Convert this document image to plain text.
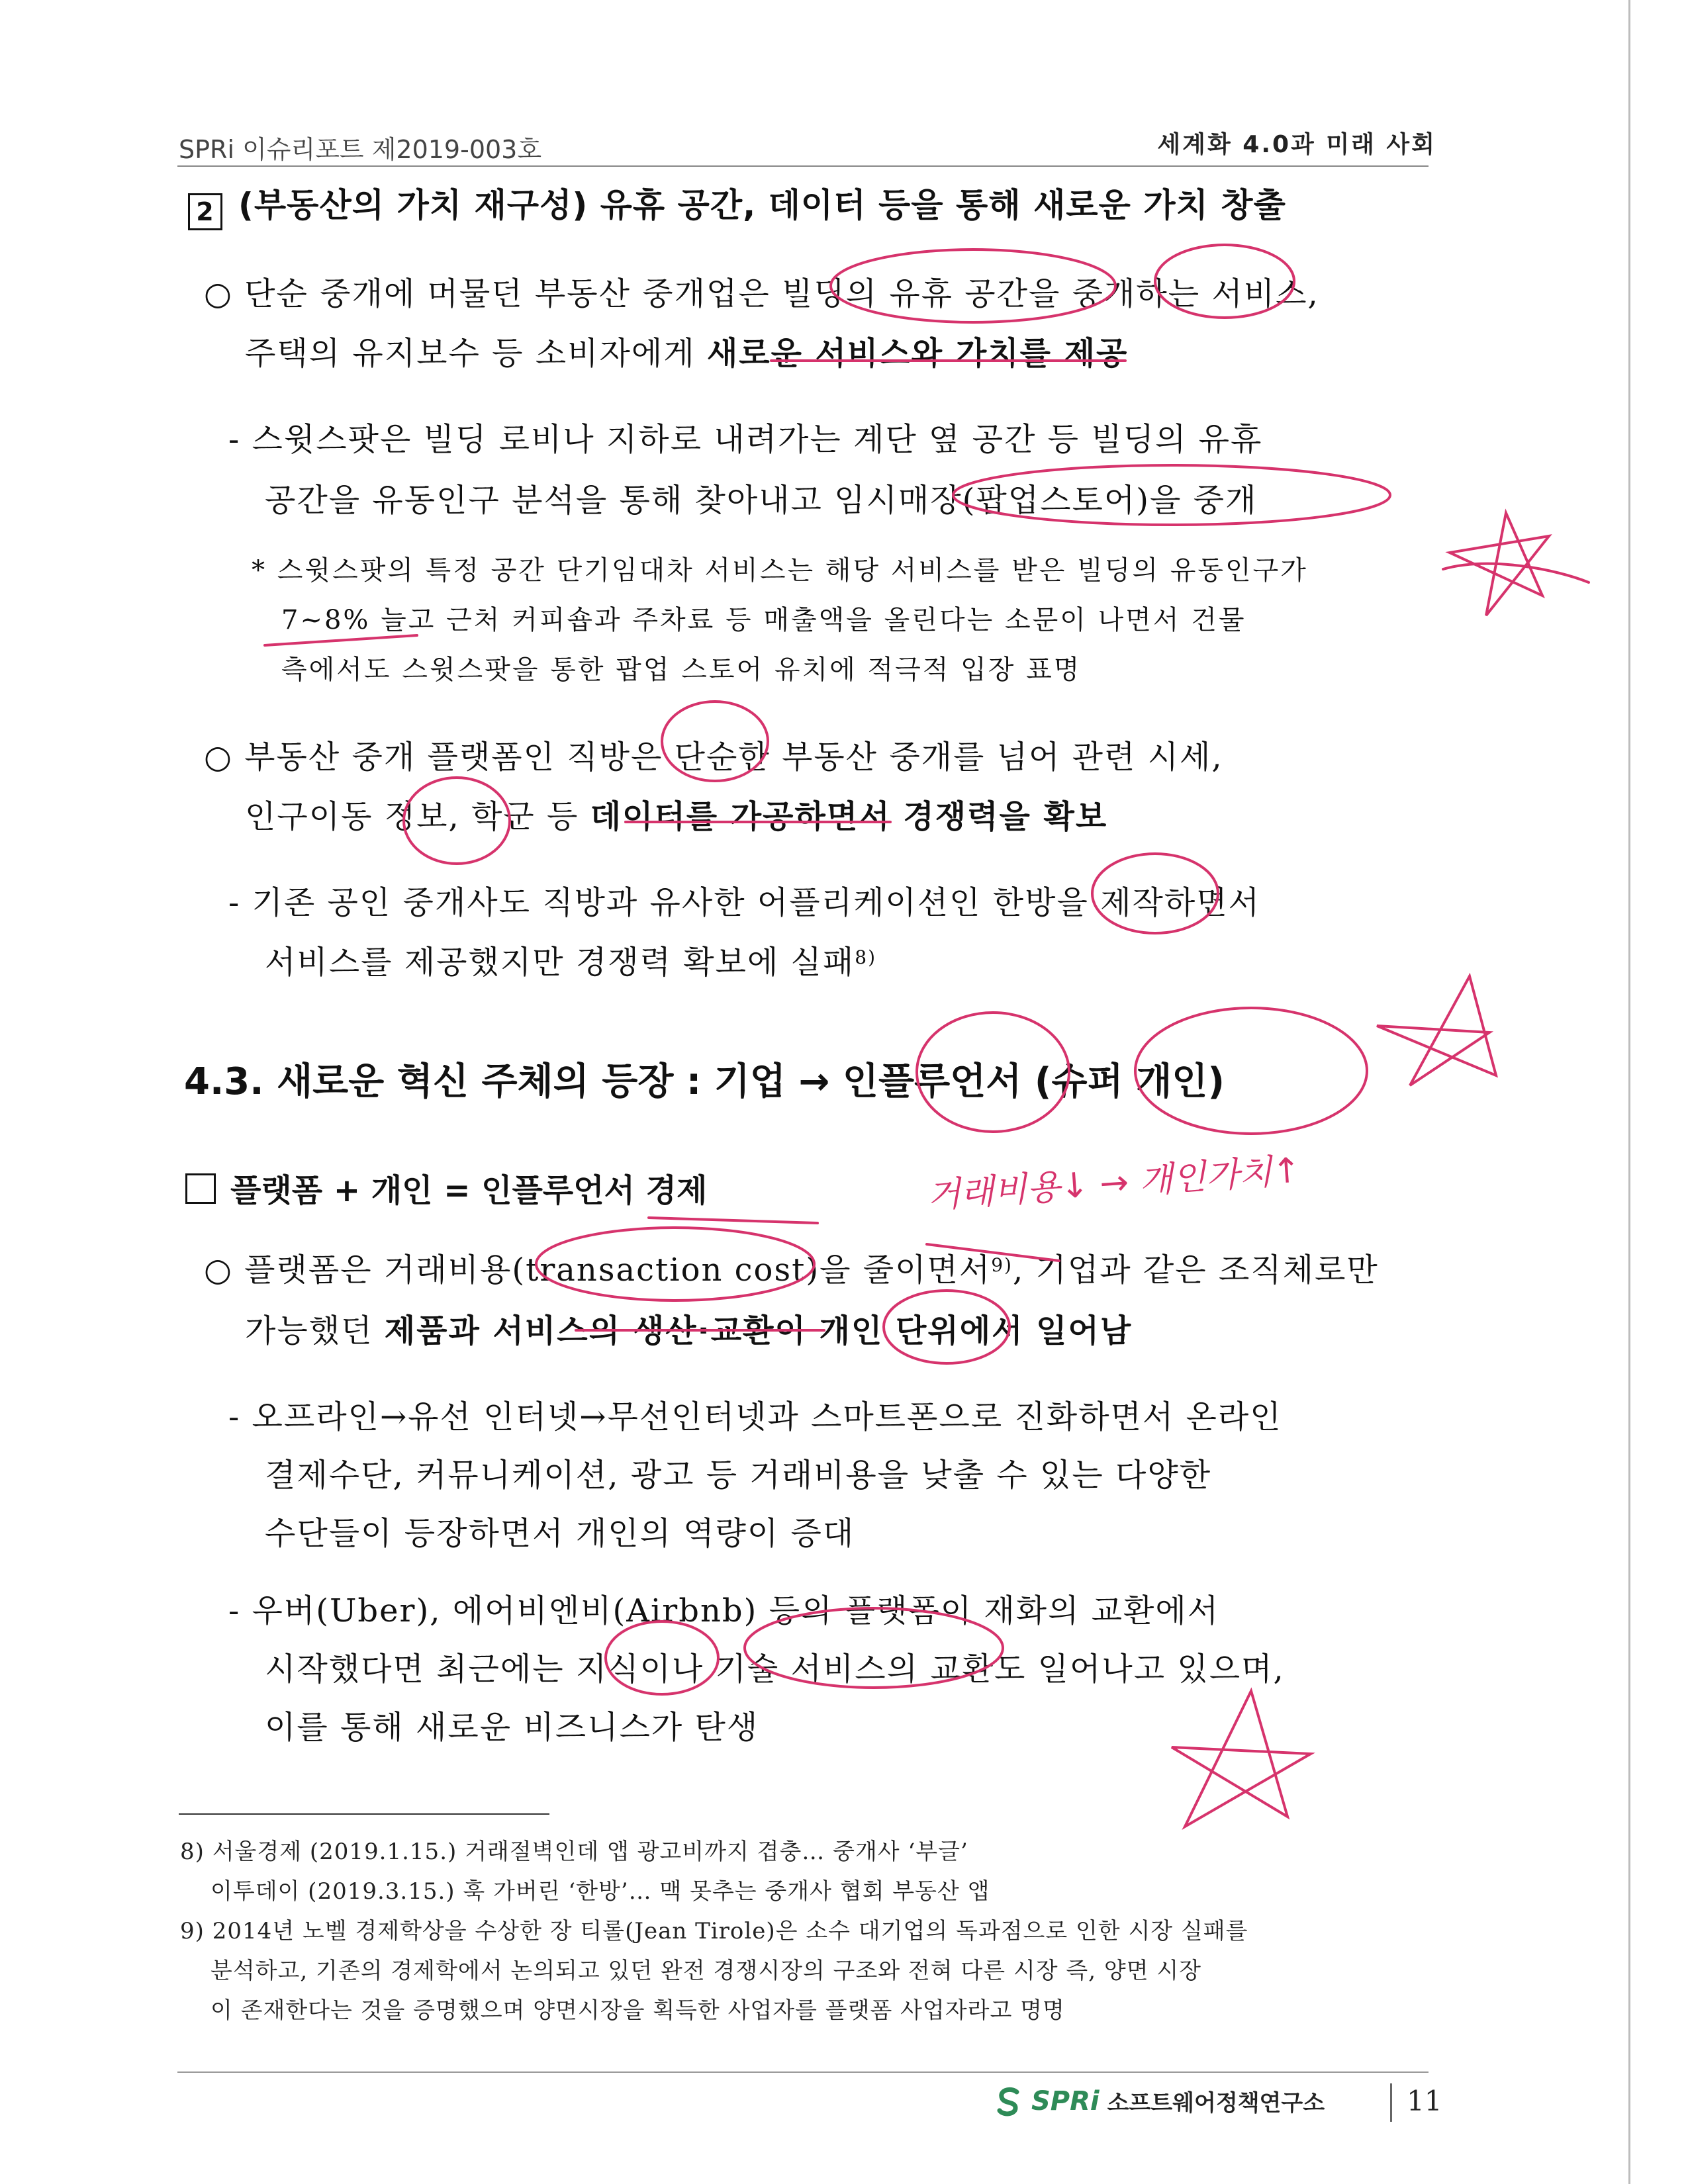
SPRi 이슈리포트 제2019-003호	세계화 4.0과 미래 사회
2 (부동산의 가치 재구성) 유휴 공간, 데이터 등을 통해 새로운 가치 창출
○ 단순 중개에 머물던 부동산 중개업은 빌딩의 유휴 공간을 중개하는 서비스,
주택의 유지보수 등 소비자에게 새로운 서비스와 가치를 제공
- 스윗스팟은 빌딩 로비나 지하로 내려가는 계단 옆 공간 등 빌딩의 유휴
공간을 유동인구 분석을 통해 찾아내고 임시매장(팝업스토어)을 중개
* 스윗스팟의 특정 공간 단기임대차 서비스는 해당 서비스를 받은 빌딩의 유동인구가
7~8% 늘고 근처 커피숍과 주차료 등 매출액을 올린다는 소문이 나면서 건물
측에서도 스윗스팟을 통한 팝업 스토어 유치에 적극적 입장 표명
○ 부동산 중개 플랫폼인 직방은 단순한 부동산 중개를 넘어 관련 시세,
인구이동 정보, 학군 등 데이터를 가공하면서 경쟁력을 확보
- 기존 공인 중개사도 직방과 유사한 어플리케이션인 한방을 제작하면서
서비스를 제공했지만 경쟁력 확보에 실패$^{8)}$
4.3. 새로운 혁신 주체의 등장 : 기업 → 인플루언서 (슈퍼 개인)
플랫폼 + 개인 = 인플루언서 경제
○ 플랫폼은 거래비용(transaction cost)을 줄이면서$^{9)}$, 기업과 같은 조직체로만
가능했던 제품과 서비스의 생산·교환이 개인 단위에서 일어남
- 오프라인→유선 인터넷→무선인터넷과 스마트폰으로 진화하면서 온라인
결제수단, 커뮤니케이션, 광고 등 거래비용을 낮출 수 있는 다양한
수단들이 등장하면서 개인의 역량이 증대
- 우버(Uber), 에어비엔비(Airbnb) 등의 플랫폼이 재화의 교환에서
시작했다면 최근에는 지식이나 기술 서비스의 교환도 일어나고 있으며,
이를 통해 새로운 비즈니스가 탄생
8) 서울경제 (2019.1.15.) 거래절벽인데 앱 광고비까지 겹충… 중개사 ‘부글’
이투데이 (2019.3.15.) 훅 가버린 ‘한방’… 맥 못추는 중개사 협회 부동산 앱
9) 2014년 노벨 경제학상을 수상한 장 티롤(Jean Tirole)은 소수 대기업의 독과점으로 인한 시장 실패를
분석하고, 기존의 경제학에서 논의되고 있던 완전 경쟁시장의 구조와 전혀 다른 시장 즉, 양면 시장
이 존재한다는 것을 증명했으며 양면시장을 획득한 사업자를 플랫폼 사업자라고 명명
SPRi 소프트웨어정책연구소	11
거래비용↓ → 개인가치↑
